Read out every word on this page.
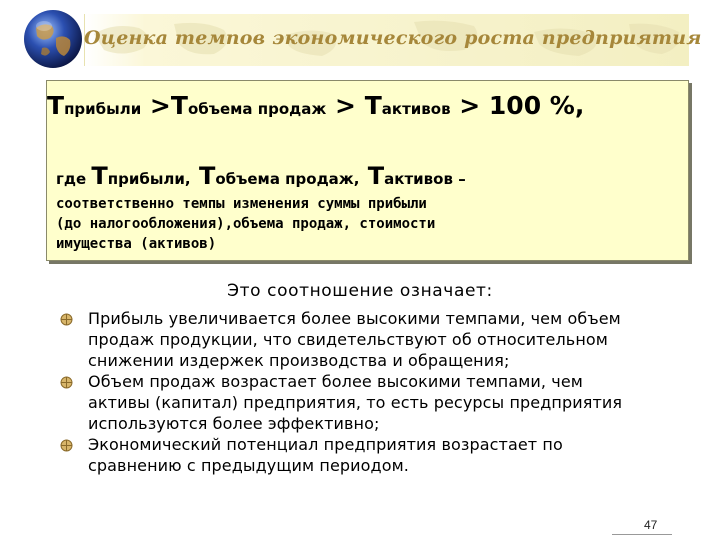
Оценка темпов экономического роста предприятия
Тприбыли >Тобъема продаж > Тактивов > 100 %,
где Тприбыли, Тобъема продаж, Тактивов –
соответственно темпы изменения суммы прибыли
(до налогообложения),объема продаж, стоимости
имущества (активов)
Это соотношение означает:
Прибыль увеличивается более высокими темпами, чем объем
продаж продукции, что свидетельствуют об относительном
снижении издержек производства и обращения;
Объем продаж возрастает более высокими темпами, чем
активы (капитал) предприятия, то есть ресурсы предприятия
используются более эффективно;
Экономический потенциал предприятия возрастает по
сравнению с предыдущим периодом.
47
